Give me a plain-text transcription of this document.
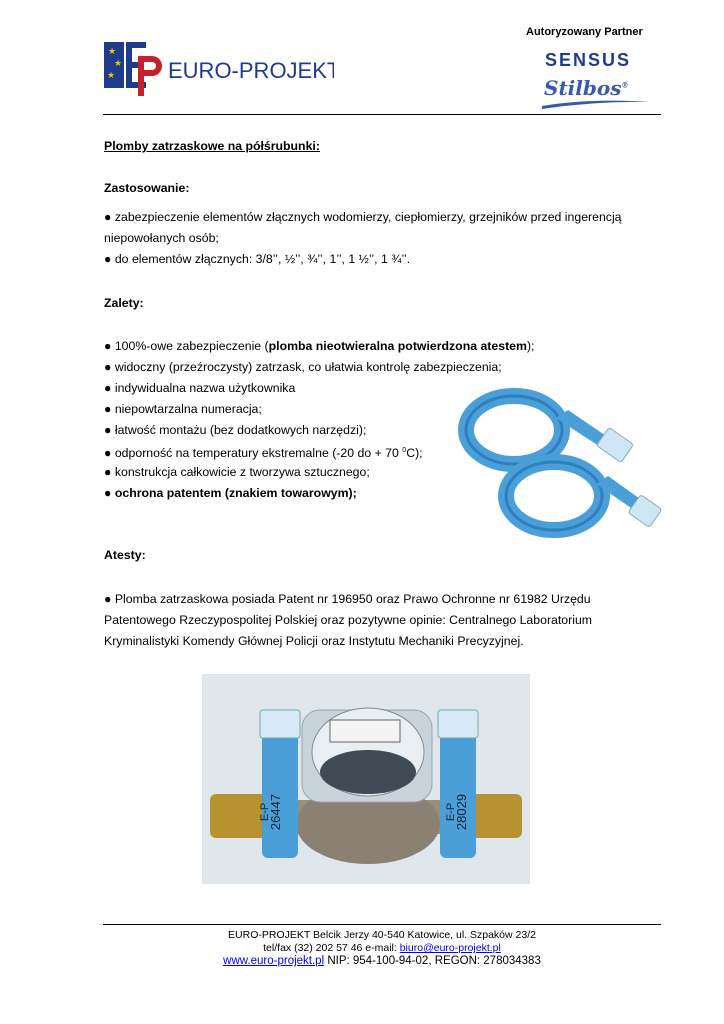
★
★
★ EURO-PROJEKT
Autoryzowany Partner
SENSUS
Stilbos®
Plomby zatrzaskowe na półśrubunki:
Zastosowanie:
● zabezpieczenie elementów złącznych wodomierzy, ciepłomierzy, grzejników przed ingerencją
niepowołanych osób;
● do elementów złącznych: 3/8’’, ½’’, ¾’’, 1’’, 1 ½’’, 1 ¾’’.
Zalety:
● 100%-owe zabezpieczenie (plomba nieotwieralna potwierdzona atestem);
● widoczny (przeźroczysty) zatrzask, co ułatwia kontrolę zabezpieczenia;
● indywidualna nazwa użytkownika
● niepowtarzalna numeracja;
● łatwość montażu (bez dodatkowych narzędzi);
● odporność na temperatury ekstremalne (-20 do + 70 $^0$C);
● konstrukcja całkowicie z tworzywa sztucznego;
● ochrona patentem (znakiem towarowym);
Atesty:
● Plomba zatrzaskowa posiada Patent nr 196950 oraz Prawo Ochronne nr 61982 Urzędu
Patentowego Rzeczypospolitej Polskiej oraz pozytywne opinie: Centralnego Laboratorium
Kryminalistyki Komendy Głównej Policji oraz Instytutu Mechaniki Precyzyjnej.
26447
E-P	28029
E-P
EURO-PROJEKT Belcik Jerzy 40-540 Katowice, ul. Szpaków 23/2
tel/fax (32) 202 57 46 e-mail: biuro@euro-projekt.pl
www.euro-projekt.pl NIP: 954-100-94-02, REGON: 278034383
